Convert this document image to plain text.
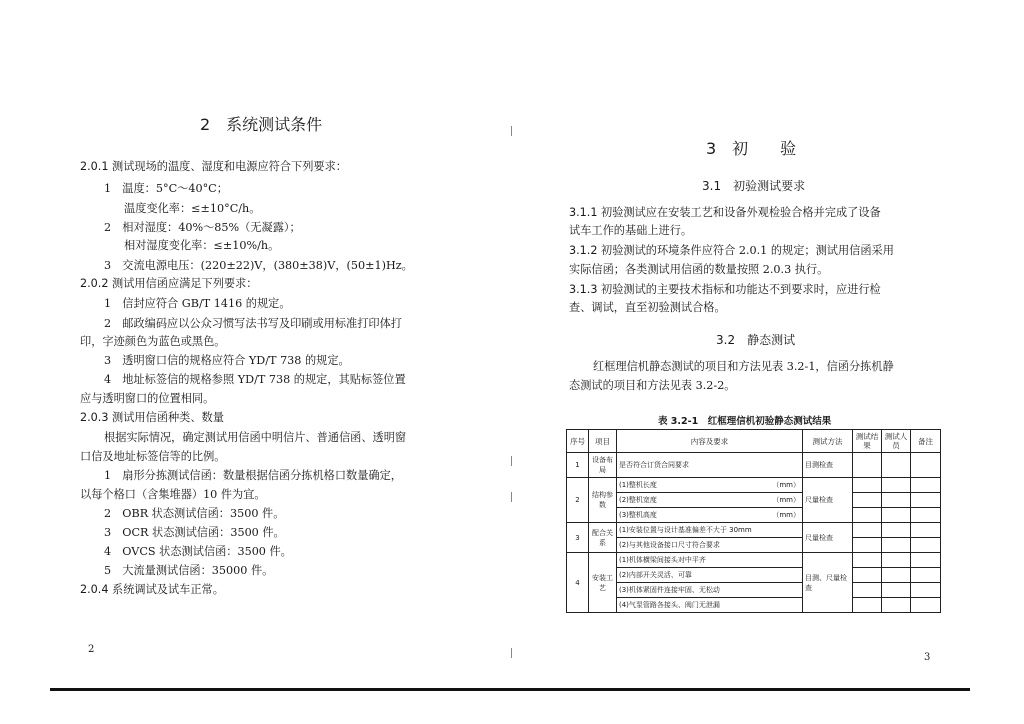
2　系统测试条件
2.0.1 测试现场的温度、湿度和电源应符合下列要求：
1　温度：5°C～40°C；
温度变化率：≤±10°C/h。
2　相对湿度：40%～85%（无凝露）；
相对湿度变化率：≤±10%/h。
3　交流电源电压：(220±22)V，(380±38)V，(50±1)Hz。
2.0.2 测试用信函应满足下列要求：
1　信封应符合 GB/T 1416 的规定。
2　邮政编码应以公众习惯写法书写及印刷或用标准打印体打
印，字迹颜色为蓝色或黑色。
3　透明窗口信的规格应符合 YD/T 738 的规定。
4　地址标签信的规格参照 YD/T 738 的规定，其贴标签位置
应与透明窗口的位置相同。
2.0.3 测试用信函种类、数量
根据实际情况，确定测试用信函中明信片、普通信函、透明窗
口信及地址标签信等的比例。
1　扇形分拣测试信函：数量根据信函分拣机格口数量确定，
以每个格口（含集堆器）10 件为宜。
2　OBR 状态测试信函：3500 件。
3　OCR 状态测试信函：3500 件。
4　OVCS 状态测试信函：3500 件。
5　大流量测试信函：35000 件。
2.0.4 系统调试及试车正常。
2
3　初　　验
3.1　初验测试要求
3.1.1 初验测试应在安装工艺和设备外观检验合格并完成了设备
试车工作的基础上进行。
3.1.2 初验测试的环境条件应符合 2.0.1 的规定；测试用信函采用
实际信函；各类测试用信函的数量按照 2.0.3 执行。
3.1.3 初验测试的主要技术指标和功能达不到要求时，应进行检
查、调试，直至初验测试合格。
3.2　静态测试
红框理信机静态测试的项目和方法见表 3.2-1，信函分拣机静
态测试的项目和方法见表 3.2-2。
表 3.2-1　红框理信机初验静态测试结果
序号	项目	内容及要求	测试方法	测试结果	测试人员	备注
1	设备布局	是否符合订货合同要求	目测检查			
2	结构参数	(1)整机长度 （mm）	尺量检查			

		(2)整机宽度 （mm）				

		(3)整机高度 （mm）				

3	配合关系	(1)安装位置与设计基准偏差不大于 30mm	尺量检查			
		(2)与其他设备接口尺寸符合要求				
4	安装工艺	(1)机体横梁间接头对中平齐	目测、尺量检查			
		(2)内部开关灵活、可靠				
		(3)机体紧固件连接牢固、无松动				
		(4)气泵管路各接头、阀门无泄漏				
3
